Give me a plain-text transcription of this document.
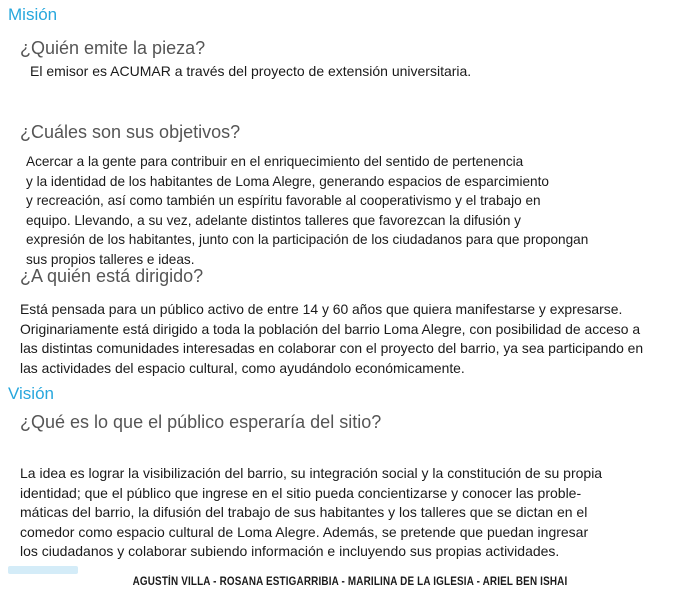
Misión
¿Quién emite la pieza?
El emisor es ACUMAR a través del proyecto de extensión universitaria.
¿Cuáles son sus objetivos?
Acercar a la gente para contribuir en el enriquecimiento del sentido de pertenencia
y la identidad de los habitantes de Loma Alegre, generando espacios de esparcimiento
y recreación, así como también un espíritu favorable al cooperativismo y el trabajo en
equipo. Llevando, a su vez, adelante distintos talleres que favorezcan la difusión y
expresión de los habitantes, junto con la participación de los ciudadanos para que propongan
sus propios talleres e ideas.
¿A quién está dirigido?
Está pensada para un público activo de entre 14 y 60 años que quiera manifestarse y expresarse.
Originariamente está dirigido a toda la población del barrio Loma Alegre, con posibilidad de acceso a
las distintas comunidades interesadas en colaborar con el proyecto del barrio, ya sea participando en
las actividades del espacio cultural, como ayudándolo económicamente.
Visión
¿Qué es lo que el público esperaría del sitio?
La idea es lograr la visibilización del barrio, su integración social y la constitución de su propia
identidad; que el público que ingrese en el sitio pueda concientizarse y conocer las proble-
máticas del barrio, la difusión del trabajo de sus habitantes y los talleres que se dictan en el
comedor como espacio cultural de Loma Alegre. Además, se pretende que puedan ingresar
los ciudadanos y colaborar subiendo información e incluyendo sus propias actividades.
AGUSTÍN VILLA - ROSANA ESTIGARRIBIA - MARILINA DE LA IGLESIA - ARIEL BEN ISHAI
